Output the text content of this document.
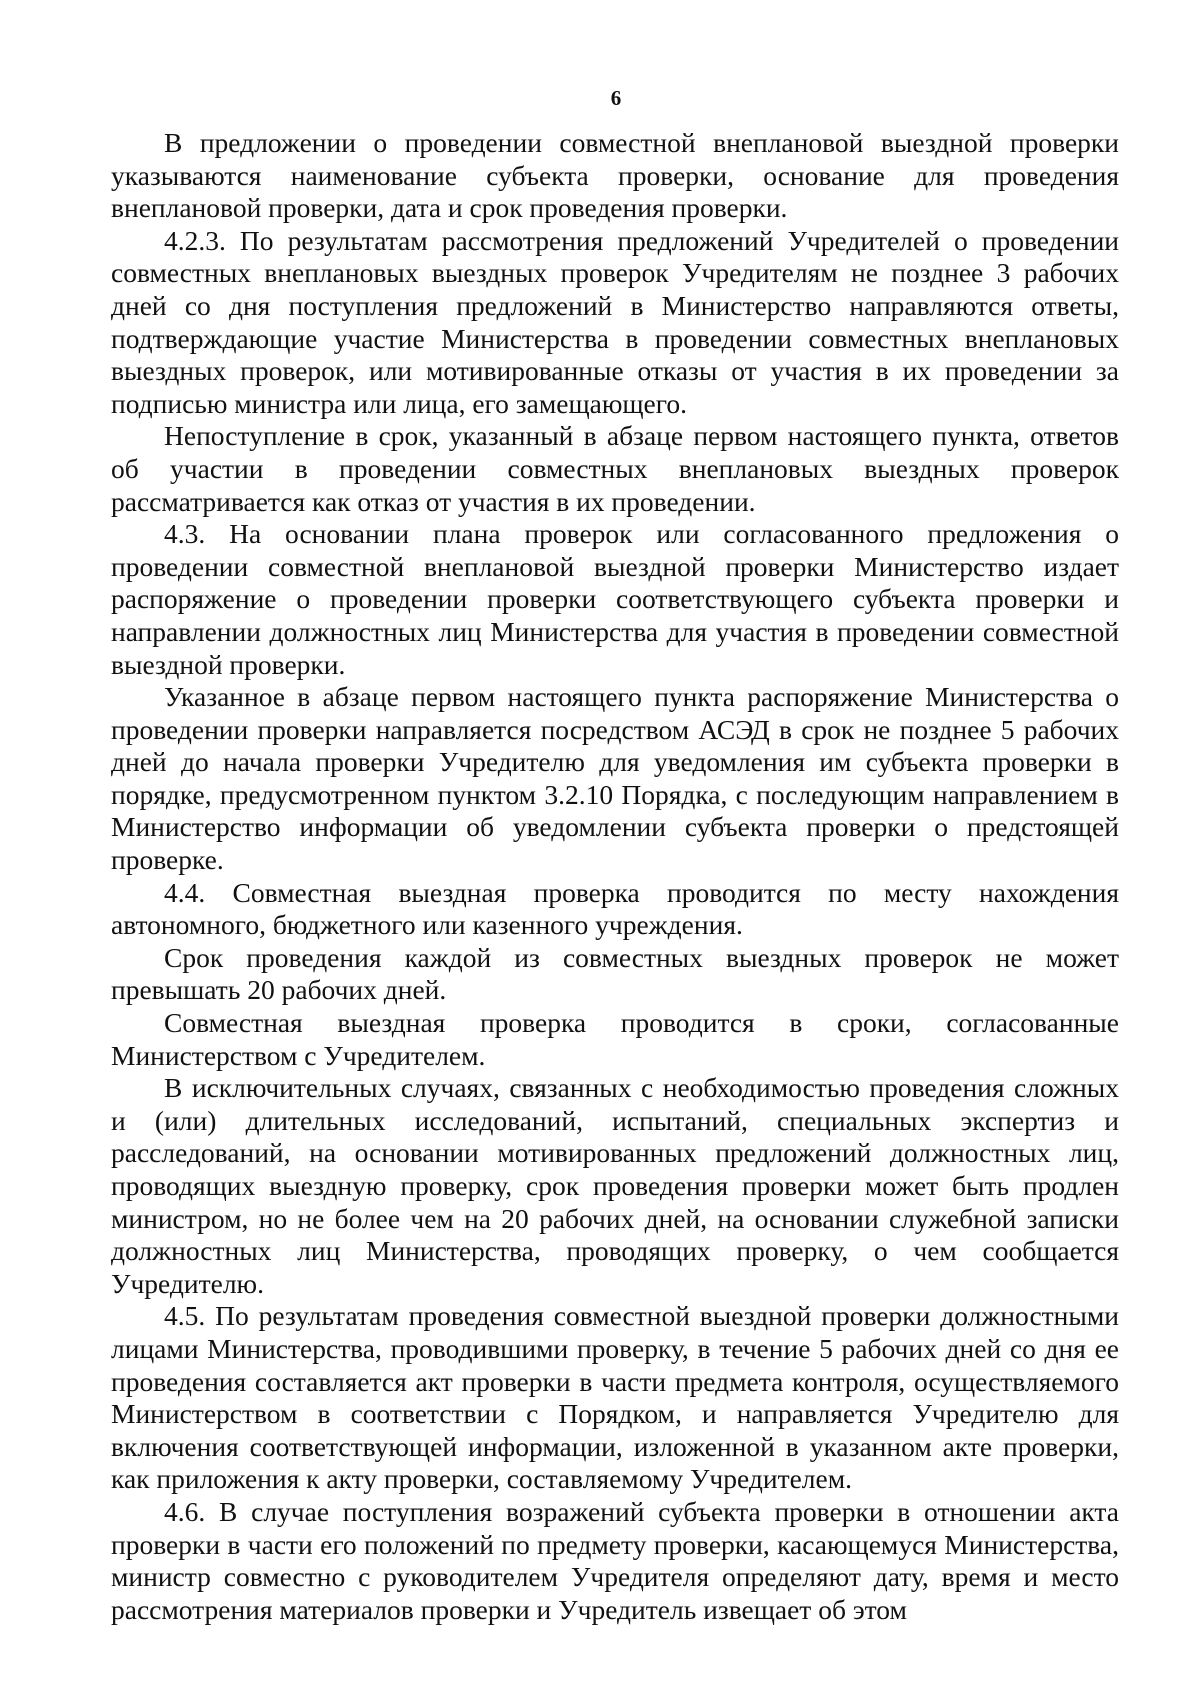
6

В предложении о проведении совместной внеплановой выездной проверки указываются наименование субъекта проверки, основание для проведения внеплановой проверки, дата и срок проведения проверки.

4.2.3. По результатам рассмотрения предложений Учредителей о проведении совместных внеплановых выездных проверок Учредителям не позднее 3 рабочих дней со дня поступления предложений в Министерство направляются ответы, подтверждающие участие Министерства в проведении совместных внеплановых выездных проверок, или мотивированные отказы от участия в их проведении за подписью министра или лица, его замещающего.

Непоступление в срок, указанный в абзаце первом настоящего пункта, ответов об участии в проведении совместных внеплановых выездных проверок рассматривается как отказ от участия в их проведении.

4.3. На основании плана проверок или согласованного предложения о проведении совместной внеплановой выездной проверки Министерство издает распоряжение о проведении проверки соответствующего субъекта проверки и направлении должностных лиц Министерства для участия в проведении совместной выездной проверки.

Указанное в абзаце первом настоящего пункта распоряжение Министерства о проведении проверки направляется посредством АСЭД в срок не позднее 5 рабочих дней до начала проверки Учредителю для уведомления им субъекта проверки в порядке, предусмотренном пунктом 3.2.10 Порядка, с последующим направлением в Министерство информации об уведомлении субъекта проверки о предстоящей проверке.

4.4. Совместная выездная проверка проводится по месту нахождения автономного, бюджетного или казенного учреждения.

Срок проведения каждой из совместных выездных проверок не может превышать 20 рабочих дней.

Совместная выездная проверка проводится в сроки, согласованные Министерством с Учредителем.

В исключительных случаях, связанных с необходимостью проведения сложных и (или) длительных исследований, испытаний, специальных экспертиз и расследований, на основании мотивированных предложений должностных лиц, проводящих выездную проверку, срок проведения проверки может быть продлен министром, но не более чем на 20 рабочих дней, на основании служебной записки должностных лиц Министерства, проводящих проверку, о чем сообщается Учредителю.

4.5. По результатам проведения совместной выездной проверки должностными лицами Министерства, проводившими проверку, в течение 5 рабочих дней со дня ее проведения составляется акт проверки в части предмета контроля, осуществляемого Министерством в соответствии с Порядком, и направляется Учредителю для включения соответствующей информации, изложенной в указанном акте проверки, как приложения к акту проверки, составляемому Учредителем.

4.6. В случае поступления возражений субъекта проверки в отношении акта проверки в части его положений по предмету проверки, касающемуся Министерства, министр совместно с руководителем Учредителя определяют дату, время и место рассмотрения материалов проверки и Учредитель извещает об этом
